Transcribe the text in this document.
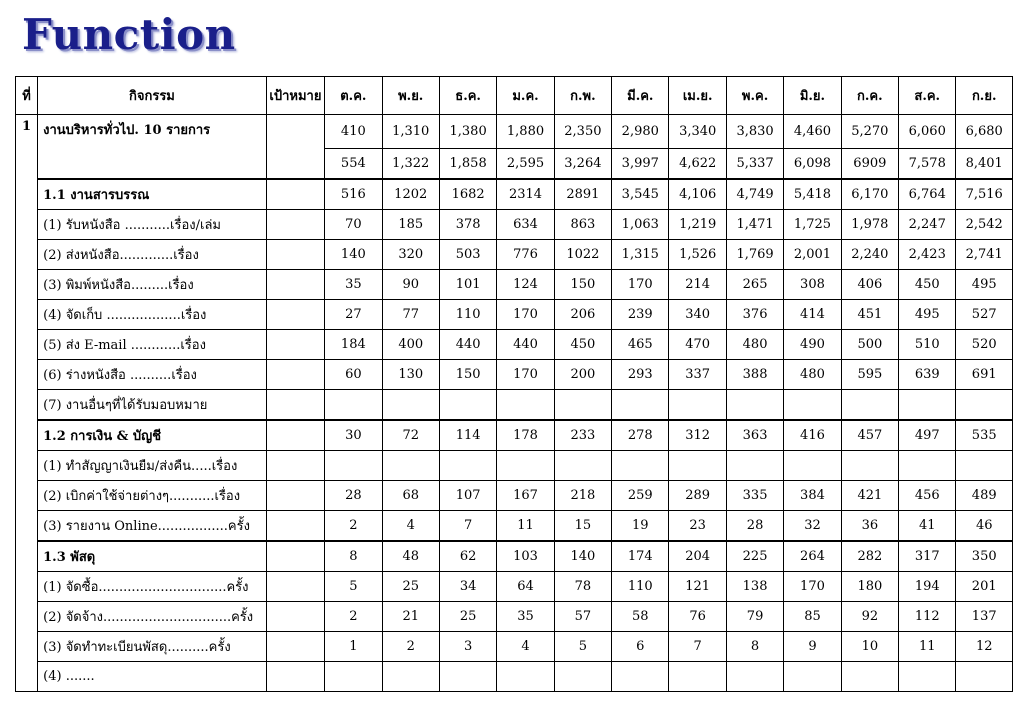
Function
ที่	กิจกรรม	เป้าหมาย	ต.ค.	พ.ย.	ธ.ค.	ม.ค.	ก.พ.	มี.ค.	เม.ย.	พ.ค.	มิ.ย.	ก.ค.	ส.ค.	ก.ย.
1	งานบริหารทั่วไป. 10 รายการ		410	1,310	1,380	1,880	2,350	2,980	3,340	3,830	4,460	5,270	6,060	6,680
			554	1,322	1,858	2,595	3,264	3,997	4,622	5,337	6,098	6909	7,578	8,401
	1.1 งานสารบรรณ		516	1202	1682	2314	2891	3,545	4,106	4,749	5,418	6,170	6,764	7,516
	(1) รับหนังสือ ...........เรื่อง/เล่ม		70	185	378	634	863	1,063	1,219	1,471	1,725	1,978	2,247	2,542
	(2) ส่งหนังสือ.............เรื่อง		140	320	503	776	1022	1,315	1,526	1,769	2,001	2,240	2,423	2,741
	(3) พิมพ์หนังสือ.........เรื่อง		35	90	101	124	150	170	214	265	308	406	450	495
	(4) จัดเก็บ ..................เรื่อง		27	77	110	170	206	239	340	376	414	451	495	527
	(5) ส่ง E-mail ............เรื่อง		184	400	440	440	450	465	470	480	490	500	510	520
	(6) ร่างหนังสือ ..........เรื่อง		60	130	150	170	200	293	337	388	480	595	639	691
	(7) งานอื่นๆที่ได้รับมอบหมาย													
	1.2 การเงิน & บัญชี		30	72	114	178	233	278	312	363	416	457	497	535
	(1) ทำสัญญาเงินยืม/ส่งคืน.....เรื่อง													
	(2) เบิกค่าใช้จ่ายต่างๆ...........เรื่อง		28	68	107	167	218	259	289	335	384	421	456	489
	(3) รายงาน Online.................ครั้ง		2	4	7	11	15	19	23	28	32	36	41	46
	1.3 พัสดุ		8	48	62	103	140	174	204	225	264	282	317	350
	(1) จัดซื้อ...............................ครั้ง		5	25	34	64	78	110	121	138	170	180	194	201
	(2) จัดจ้าง...............................ครั้ง		2	21	25	35	57	58	76	79	85	92	112	137
	(3) จัดทำทะเบียนพัสดุ..........ครั้ง		1	2	3	4	5	6	7	8	9	10	11	12
	(4) .......													
